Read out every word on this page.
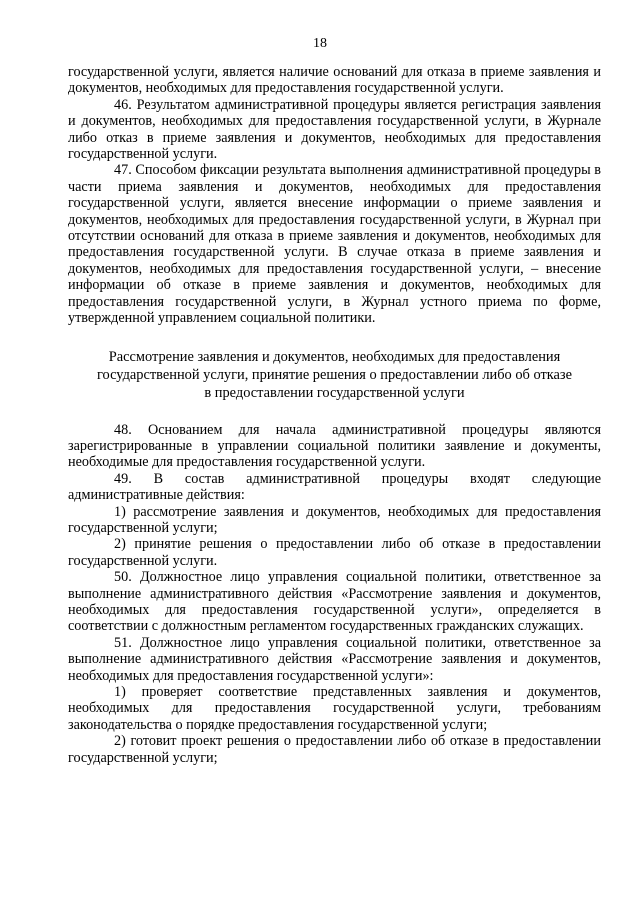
18

государственной услуги, является наличие оснований для отказа в приеме заявления и документов, необходимых для предоставления государственной услуги.

46. Результатом административной процедуры является регистрация заявления и документов, необходимых для предоставления государственной услуги, в Журнале либо отказ в приеме заявления и документов, необходимых для предоставления государственной услуги.

47. Способом фиксации результата выполнения административной процедуры в части приема заявления и документов, необходимых для предоставления государственной услуги, является внесение информации о приеме заявления и документов, необходимых для предоставления государственной услуги, в Журнал при отсутствии оснований для отказа в приеме заявления и документов, необходимых для предоставления государственной услуги. В случае отказа в приеме заявления и документов, необходимых для предоставления государственной услуги, – внесение информации об отказе в приеме заявления и документов, необходимых для предоставления государственной услуги, в Журнал устного приема по форме, утвержденной управлением социальной политики.

Рассмотрение заявления и документов, необходимых для предоставления
государственной услуги, принятие решения о предоставлении либо об отказе
в предоставлении государственной услуги

48. Основанием для начала административной процедуры являются зарегистрированные в управлении социальной политики заявление и документы, необходимые для предоставления государственной услуги.

49. В состав административной процедуры входят следующие административные действия:

1) рассмотрение заявления и документов, необходимых для предоставления государственной услуги;

2) принятие решения о предоставлении либо об отказе в предоставлении государственной услуги.

50. Должностное лицо управления социальной политики, ответственное за выполнение административного действия «Рассмотрение заявления и документов, необходимых для предоставления государственной услуги», определяется в соответствии с должностным регламентом государственных гражданских служащих.

51. Должностное лицо управления социальной политики, ответственное за выполнение административного действия «Рассмотрение заявления и документов, необходимых для предоставления государственной услуги»:

1) проверяет соответствие представленных заявления и документов, необходимых для предоставления государственной услуги, требованиям законодательства о порядке предоставления государственной услуги;

2) готовит проект решения о предоставлении либо об отказе в предоставлении государственной услуги;
